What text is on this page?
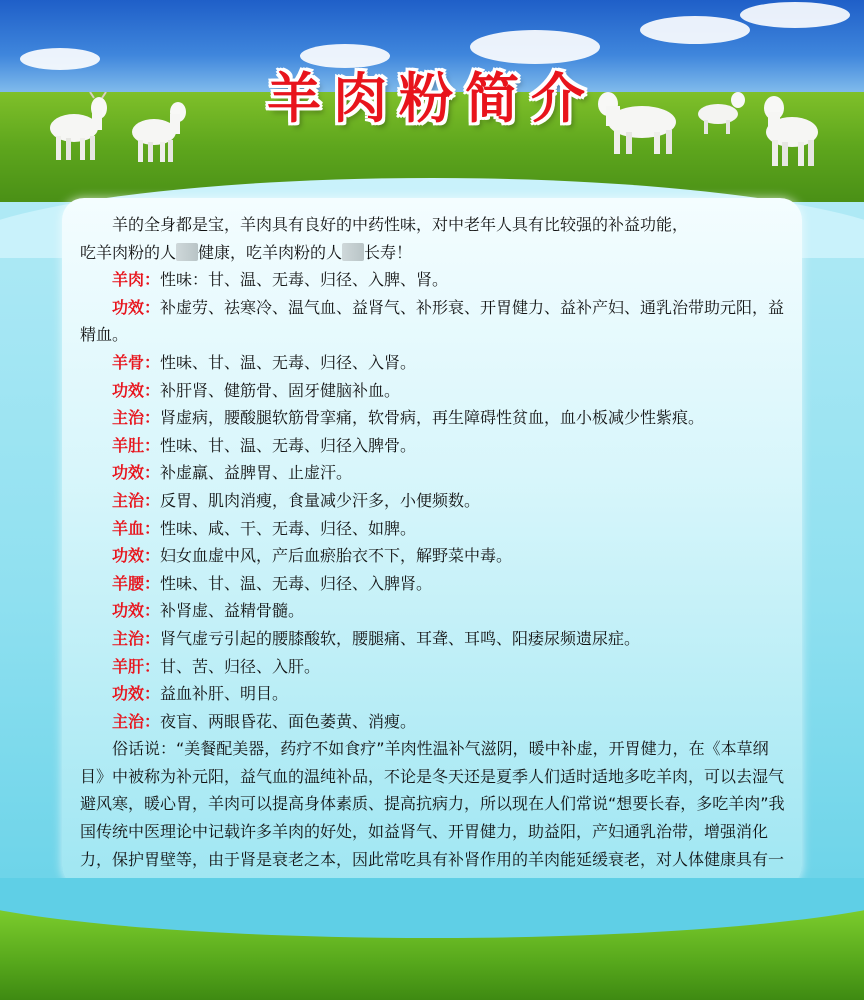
羊肉粉简介

羊的全身都是宝，羊肉具有良好的中药性味，对中老年人具有比较强的补益功能，

吃羊肉粉的人 健康，吃羊肉粉的人 长寿！

羊肉：性味：甘、温、无毒、归径、入脾、肾。

功效：补虚劳、祛寒冷、温气血、益肾气、补形衰、开胃健力、益补产妇、通乳治带助元阳，益精血。

羊骨：性味、甘、温、无毒、归径、入肾。

功效：补肝肾、健筋骨、固牙健脑补血。

主治：肾虚病，腰酸腿软筋骨挛痛，软骨病，再生障碍性贫血，血小板减少性紫痕。

羊肚：性味、甘、温、无毒、归径入脾骨。

功效：补虚羸、益脾胃、止虚汗。

主治：反胃、肌肉消瘦，食量减少汗多，小便频数。

羊血：性味、咸、干、无毒、归径、如脾。

功效：妇女血虚中风，产后血瘀胎衣不下，解野菜中毒。

羊腰：性味、甘、温、无毒、归径、入脾肾。

功效：补肾虚、益精骨髓。

主治：肾气虚亏引起的腰膝酸软，腰腿痛、耳聋、耳鸣、阳痿尿频遗尿症。

羊肝：甘、苦、归径、入肝。

功效：益血补肝、明目。

主治：夜盲、两眼昏花、面色萎黄、消瘦。

俗话说：“美餐配美器，药疗不如食疗”羊肉性温补气滋阴，暖中补虚，开胃健力，在《本草纲目》中被称为补元阳，益气血的温纯补品，不论是冬天还是夏季人们适时适地多吃羊肉，可以去湿气避风寒，暖心胃，羊肉可以提高身体素质、提高抗病力，所以现在人们常说“想要长春，多吃羊肉”我国传统中医理论中记载许多羊肉的好处，如益肾气、开胃健力，助益阳，产妇通乳治带，增强消化力，保护胃壁等，由于肾是衰老之本，因此常吃具有补肾作用的羊肉能延缓衰老，对人体健康具有一
